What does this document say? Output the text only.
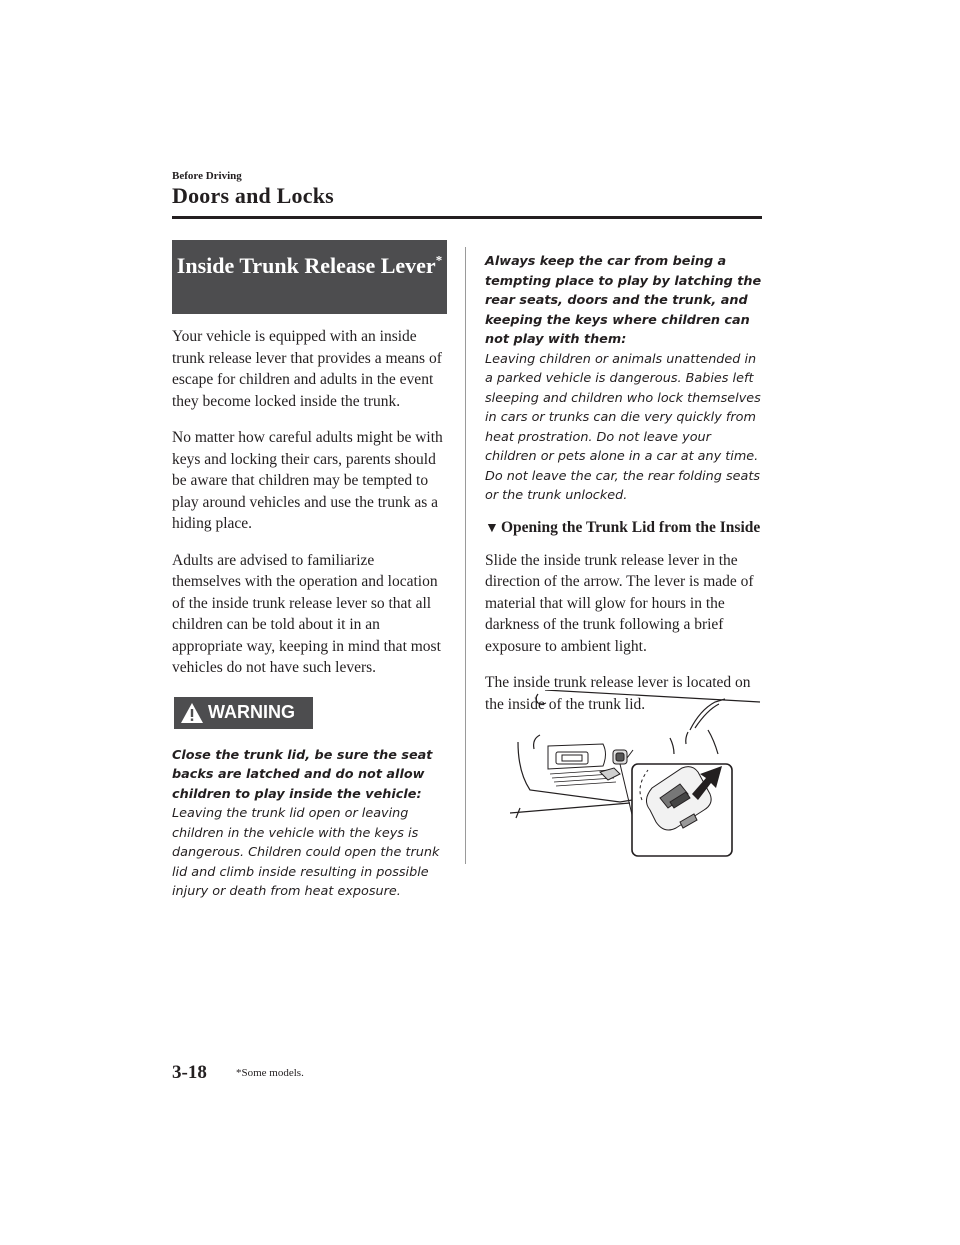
Before Driving
Doors and Locks
Inside Trunk Release Lever*

Your vehicle is equipped with an inside trunk release lever that provides a means of escape for children and adults in the event they become locked inside the trunk.

No matter how careful adults might be with keys and locking their cars, parents should be aware that children may be tempted to play around vehicles and use the trunk as a hiding place.

Adults are advised to familiarize themselves with the operation and location of the inside trunk release lever so that all children can be told about it in an appropriate way, keeping in mind that most vehicles do not have such levers.

WARNING
Close the trunk lid, be sure the seat backs are latched and do not allow children to play inside the vehicle:
Leaving the trunk lid open or leaving children in the vehicle with the keys is dangerous. Children could open the trunk lid and climb inside resulting in possible injury or death from heat exposure.
Always keep the car from being a tempting place to play by latching the rear seats, doors and the trunk, and keeping the keys where children can not play with them:
Leaving children or animals unattended in a parked vehicle is dangerous. Babies left sleeping and children who lock themselves in cars or trunks can die very quickly from heat prostration. Do not leave your children or pets alone in a car at any time. Do not leave the car, the rear folding seats or the trunk unlocked.
▼ Opening the Trunk Lid from the Inside

Slide the inside trunk release lever in the direction of the arrow. The lever is made of material that will glow for hours in the darkness of the trunk following a brief exposure to ambient light.

The inside trunk release lever is located on the inside of the trunk lid.

3-18	*Some models.
